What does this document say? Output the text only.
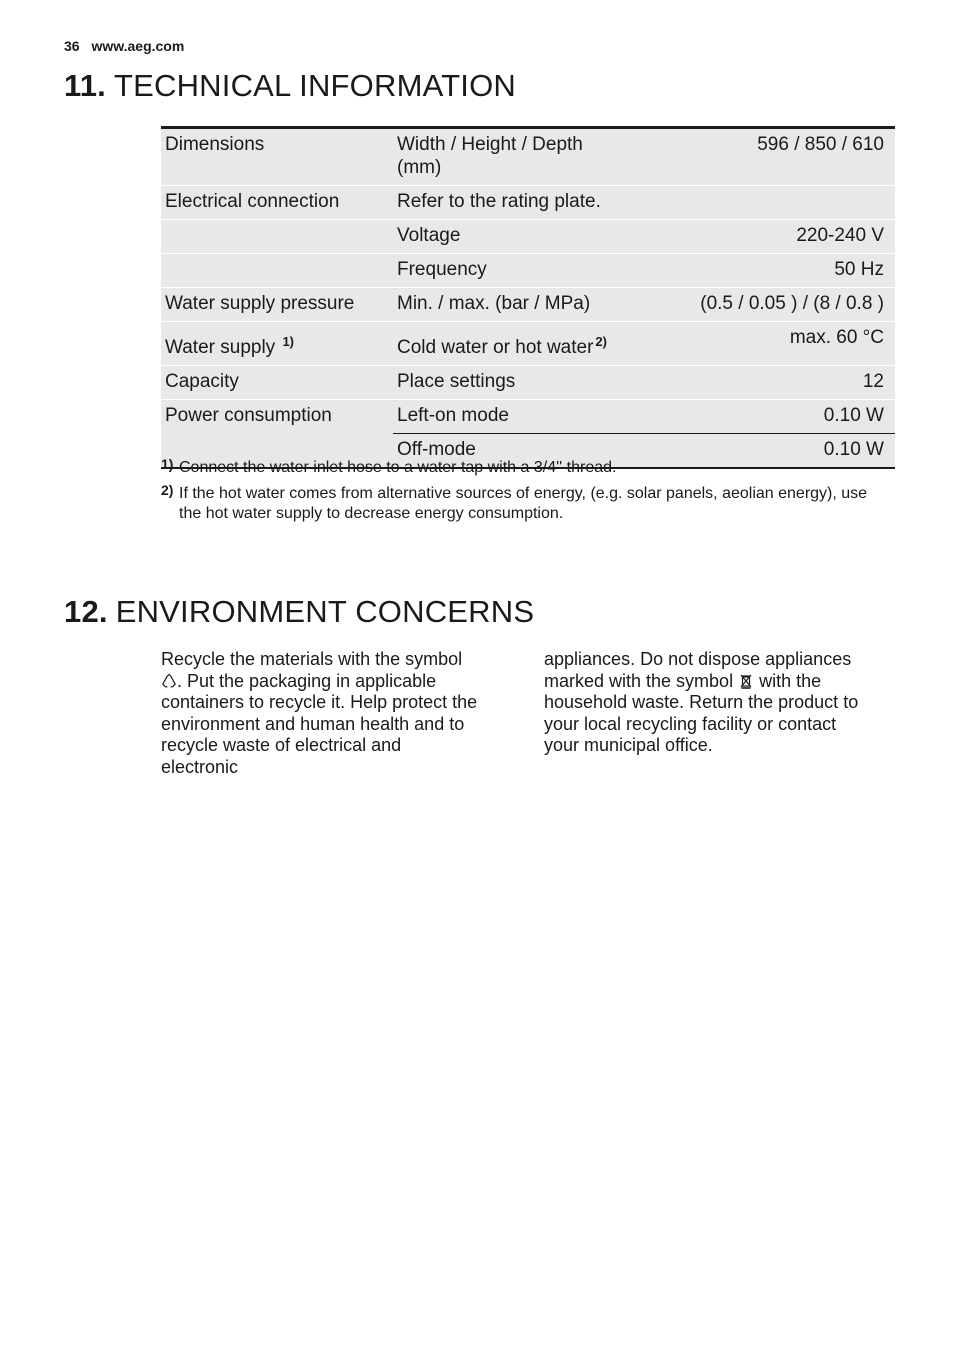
36 www.aeg.com
11. TECHNICAL INFORMATION
Dimensions	Width / Height / Depth (mm)	596 / 850 / 610
Electrical connection	Refer to the rating plate.	
	Voltage	220-240 V
	Frequency	50 Hz
Water supply pressure	Min. / max. (bar / MPa)	(0.5 / 0.05 ) / (8 / 0.8 )
Water supply $^{1)}$	Cold water or hot water $^{2)}$	max. 60 °C
Capacity	Place settings	12
Power consumption	Left-on mode	0.10 W
	Off-mode	0.10 W
1) Connect the water inlet hose to a water tap with a 3/4'' thread.
2) If the hot water comes from alternative sources of energy, (e.g. solar panels, aeolian energy), use the hot water supply to decrease energy consumption.
12. ENVIRONMENT CONCERNS
Recycle the materials with the symbol
. Put the packaging in applicable containers to recycle it. Help protect the environment and human health and to recycle waste of electrical and electronic
appliances. Do not dispose appliances marked with the symbol with the household waste. Return the product to your local recycling facility or contact your municipal office.
